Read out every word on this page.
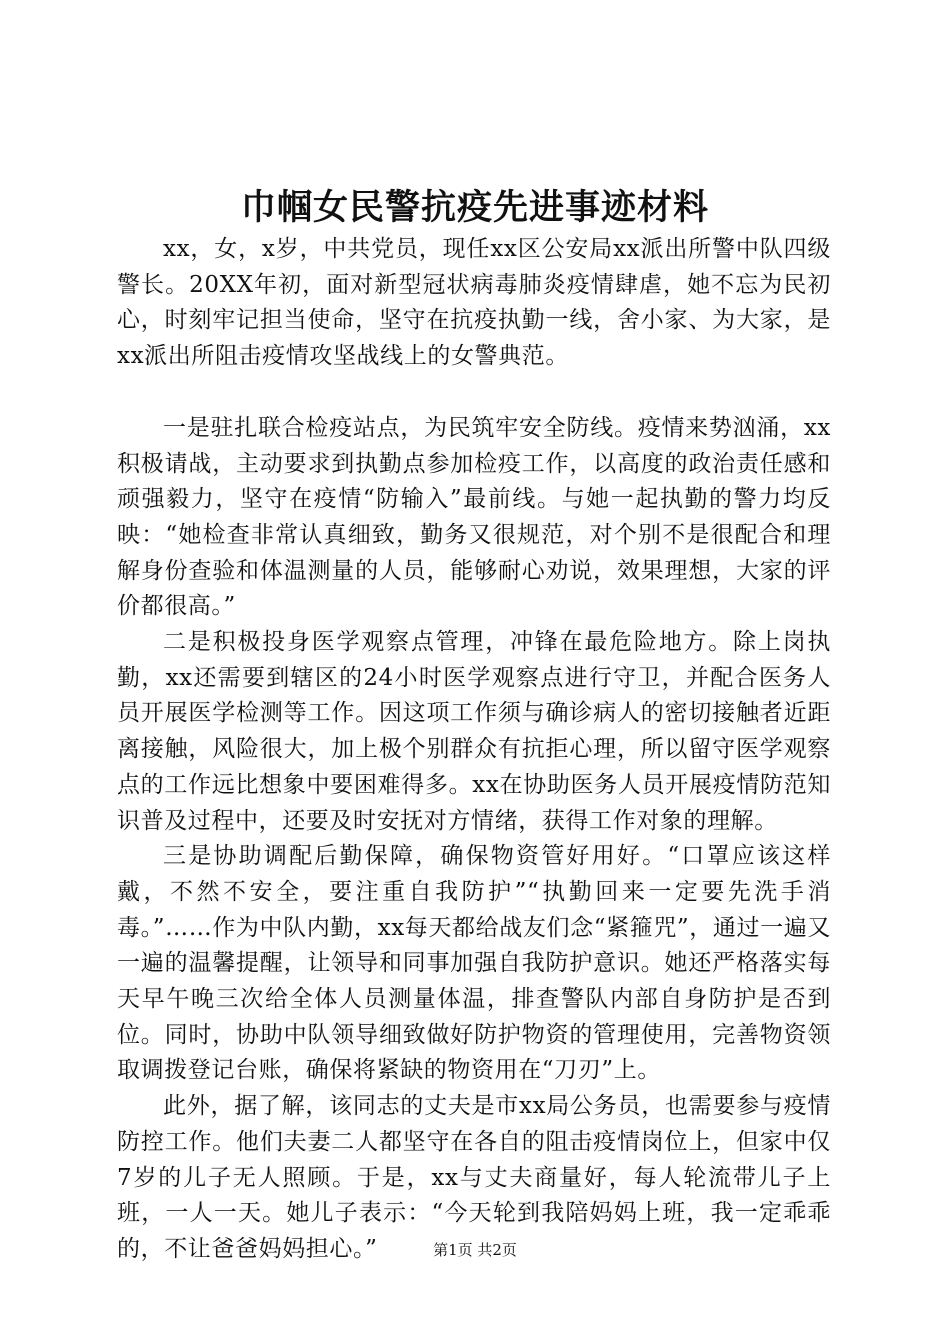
巾帼女民警抗疫先进事迹材料

xx，女，x岁，中共党员，现任xx区公安局xx派出所警中队四级警长。20XX年初，面对新型冠状病毒肺炎疫情肆虐，她不忘为民初心，时刻牢记担当使命，坚守在抗疫执勤一线，舍小家、为大家，是xx派出所阻击疫情攻坚战线上的女警典范。

一是驻扎联合检疫站点，为民筑牢安全防线。疫情来势汹涌，xx积极请战，主动要求到执勤点参加检疫工作，以高度的政治责任感和顽强毅力，坚守在疫情“防输入”最前线。与她一起执勤的警力均反映：“她检查非常认真细致，勤务又很规范，对个别不是很配合和理解身份查验和体温测量的人员，能够耐心劝说，效果理想，大家的评价都很高。”

二是积极投身医学观察点管理，冲锋在最危险地方。除上岗执勤，xx还需要到辖区的24小时医学观察点进行守卫，并配合医务人员开展医学检测等工作。因这项工作须与确诊病人的密切接触者近距离接触，风险很大，加上极个别群众有抗拒心理，所以留守医学观察点的工作远比想象中要困难得多。xx在协助医务人员开展疫情防范知识普及过程中，还要及时安抚对方情绪，获得工作对象的理解。

三是协助调配后勤保障，确保物资管好用好。“口罩应该这样戴，不然不安全，要注重自我防护”“执勤回来一定要先洗手消毒。”……作为中队内勤，xx每天都给战友们念“紧箍咒”，通过一遍又一遍的温馨提醒，让领导和同事加强自我防护意识。她还严格落实每天早午晚三次给全体人员测量体温，排查警队内部自身防护是否到位。同时，协助中队领导细致做好防护物资的管理使用，完善物资领取调拨登记台账，确保将紧缺的物资用在“刀刃”上。

此外，据了解，该同志的丈夫是市xx局公务员，也需要参与疫情防控工作。他们夫妻二人都坚守在各自的阻击疫情岗位上，但家中仅7岁的儿子无人照顾。于是，xx与丈夫商量好，每人轮流带儿子上班，一人一天。她儿子表示：“今天轮到我陪妈妈上班，我一定乖乖的，不让爸爸妈妈担心。”	第1页 共2页
